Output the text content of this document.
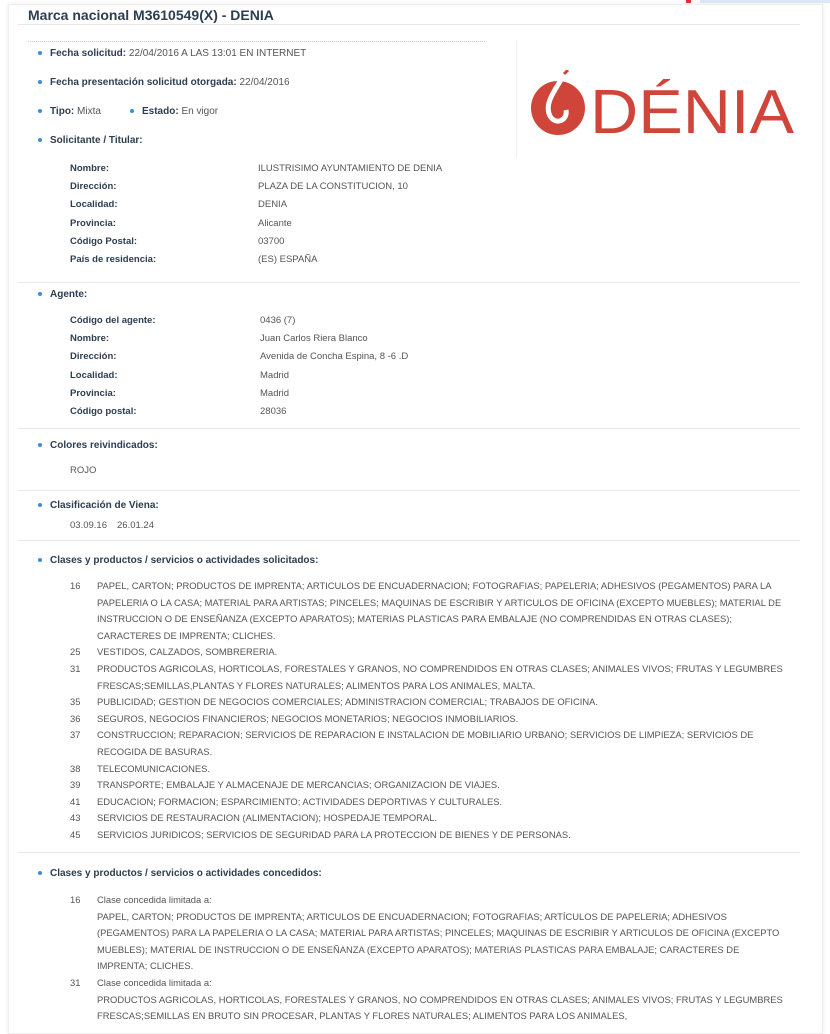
Marca nacional M3610549(X) - DENIA
DÉNIA
Fecha solicitud: 22/04/2016 A LAS 13:01 EN INTERNET
Fecha presentación solicitud otorgada: 22/04/2016
Tipo: Mixta	Estado: En vigor
Solicitante / Titular:
Nombre:	ILUSTRISIMO AYUNTAMIENTO DE DENIA
Dirección:	PLAZA DE LA CONSTITUCION, 10
Localidad:	DENIA
Provincia:	Alicante
Código Postal:	03700
País de residencia:	(ES) ESPAÑA
Agente:
Código del agente:	0436 (7)
Nombre:	Juan Carlos Riera Blanco
Dirección:	Avenida de Concha Espina, 8 -6 .D
Localidad:	Madrid
Provincia:	Madrid
Código postal:	28036
Colores reivindicados:
ROJO
Clasificación de Viena:
03.09.16 26.01.24
Clases y productos / servicios o actividades solicitados:
16	PAPEL, CARTON; PRODUCTOS DE IMPRENTA; ARTICULOS DE ENCUADERNACION; FOTOGRAFIAS; PAPELERIA; ADHESIVOS (PEGAMENTOS) PARA LA PAPELERIA O LA CASA; MATERIAL PARA ARTISTAS; PINCELES; MAQUINAS DE ESCRIBIR Y ARTICULOS DE OFICINA (EXCEPTO MUEBLES); MATERIAL DE INSTRUCCION O DE ENSEÑANZA (EXCEPTO APARATOS); MATERIAS PLASTICAS PARA EMBALAJE (NO COMPRENDIDAS EN OTRAS CLASES); CARACTERES DE IMPRENTA; CLICHES.
25	VESTIDOS, CALZADOS, SOMBRERERIA.
31	PRODUCTOS AGRICOLAS, HORTICOLAS, FORESTALES Y GRANOS, NO COMPRENDIDOS EN OTRAS CLASES; ANIMALES VIVOS; FRUTAS Y LEGUMBRES FRESCAS;SEMILLAS,PLANTAS Y FLORES NATURALES; ALIMENTOS PARA LOS ANIMALES, MALTA.
35	PUBLICIDAD; GESTION DE NEGOCIOS COMERCIALES; ADMINISTRACION COMERCIAL; TRABAJOS DE OFICINA.
36	SEGUROS, NEGOCIOS FINANCIEROS; NEGOCIOS MONETARIOS; NEGOCIOS INMOBILIARIOS.
37	CONSTRUCCION; REPARACION; SERVICIOS DE REPARACION E INSTALACION DE MOBILIARIO URBANO; SERVICIOS DE LIMPIEZA; SERVICIOS DE RECOGIDA DE BASURAS.
38	TELECOMUNICACIONES.
39	TRANSPORTE; EMBALAJE Y ALMACENAJE DE MERCANCIAS; ORGANIZACION DE VIAJES.
41	EDUCACION; FORMACION; ESPARCIMIENTO; ACTIVIDADES DEPORTIVAS Y CULTURALES.
43	SERVICIOS DE RESTAURACION (ALIMENTACION); HOSPEDAJE TEMPORAL.
45	SERVICIOS JURIDICOS; SERVICIOS DE SEGURIDAD PARA LA PROTECCION DE BIENES Y DE PERSONAS.
Clases y productos / servicios o actividades concedidos:
16	Clase concedida limitada a:
PAPEL, CARTON; PRODUCTOS DE IMPRENTA; ARTICULOS DE ENCUADERNACION; FOTOGRAFIAS; ARTÍCULOS DE PAPELERIA; ADHESIVOS (PEGAMENTOS) PARA LA PAPELERIA O LA CASA; MATERIAL PARA ARTISTAS; PINCELES; MAQUINAS DE ESCRIBIR Y ARTICULOS DE OFICINA (EXCEPTO MUEBLES); MATERIAL DE INSTRUCCION O DE ENSEÑANZA (EXCEPTO APARATOS); MATERIAS PLASTICAS PARA EMBALAJE; CARACTERES DE IMPRENTA; CLICHES.
31	Clase concedida limitada a:
PRODUCTOS AGRICOLAS, HORTICOLAS, FORESTALES Y GRANOS, NO COMPRENDIDOS EN OTRAS CLASES; ANIMALES VIVOS; FRUTAS Y LEGUMBRES FRESCAS;SEMILLAS EN BRUTO SIN PROCESAR, PLANTAS Y FLORES NATURALES; ALIMENTOS PARA LOS ANIMALES,
